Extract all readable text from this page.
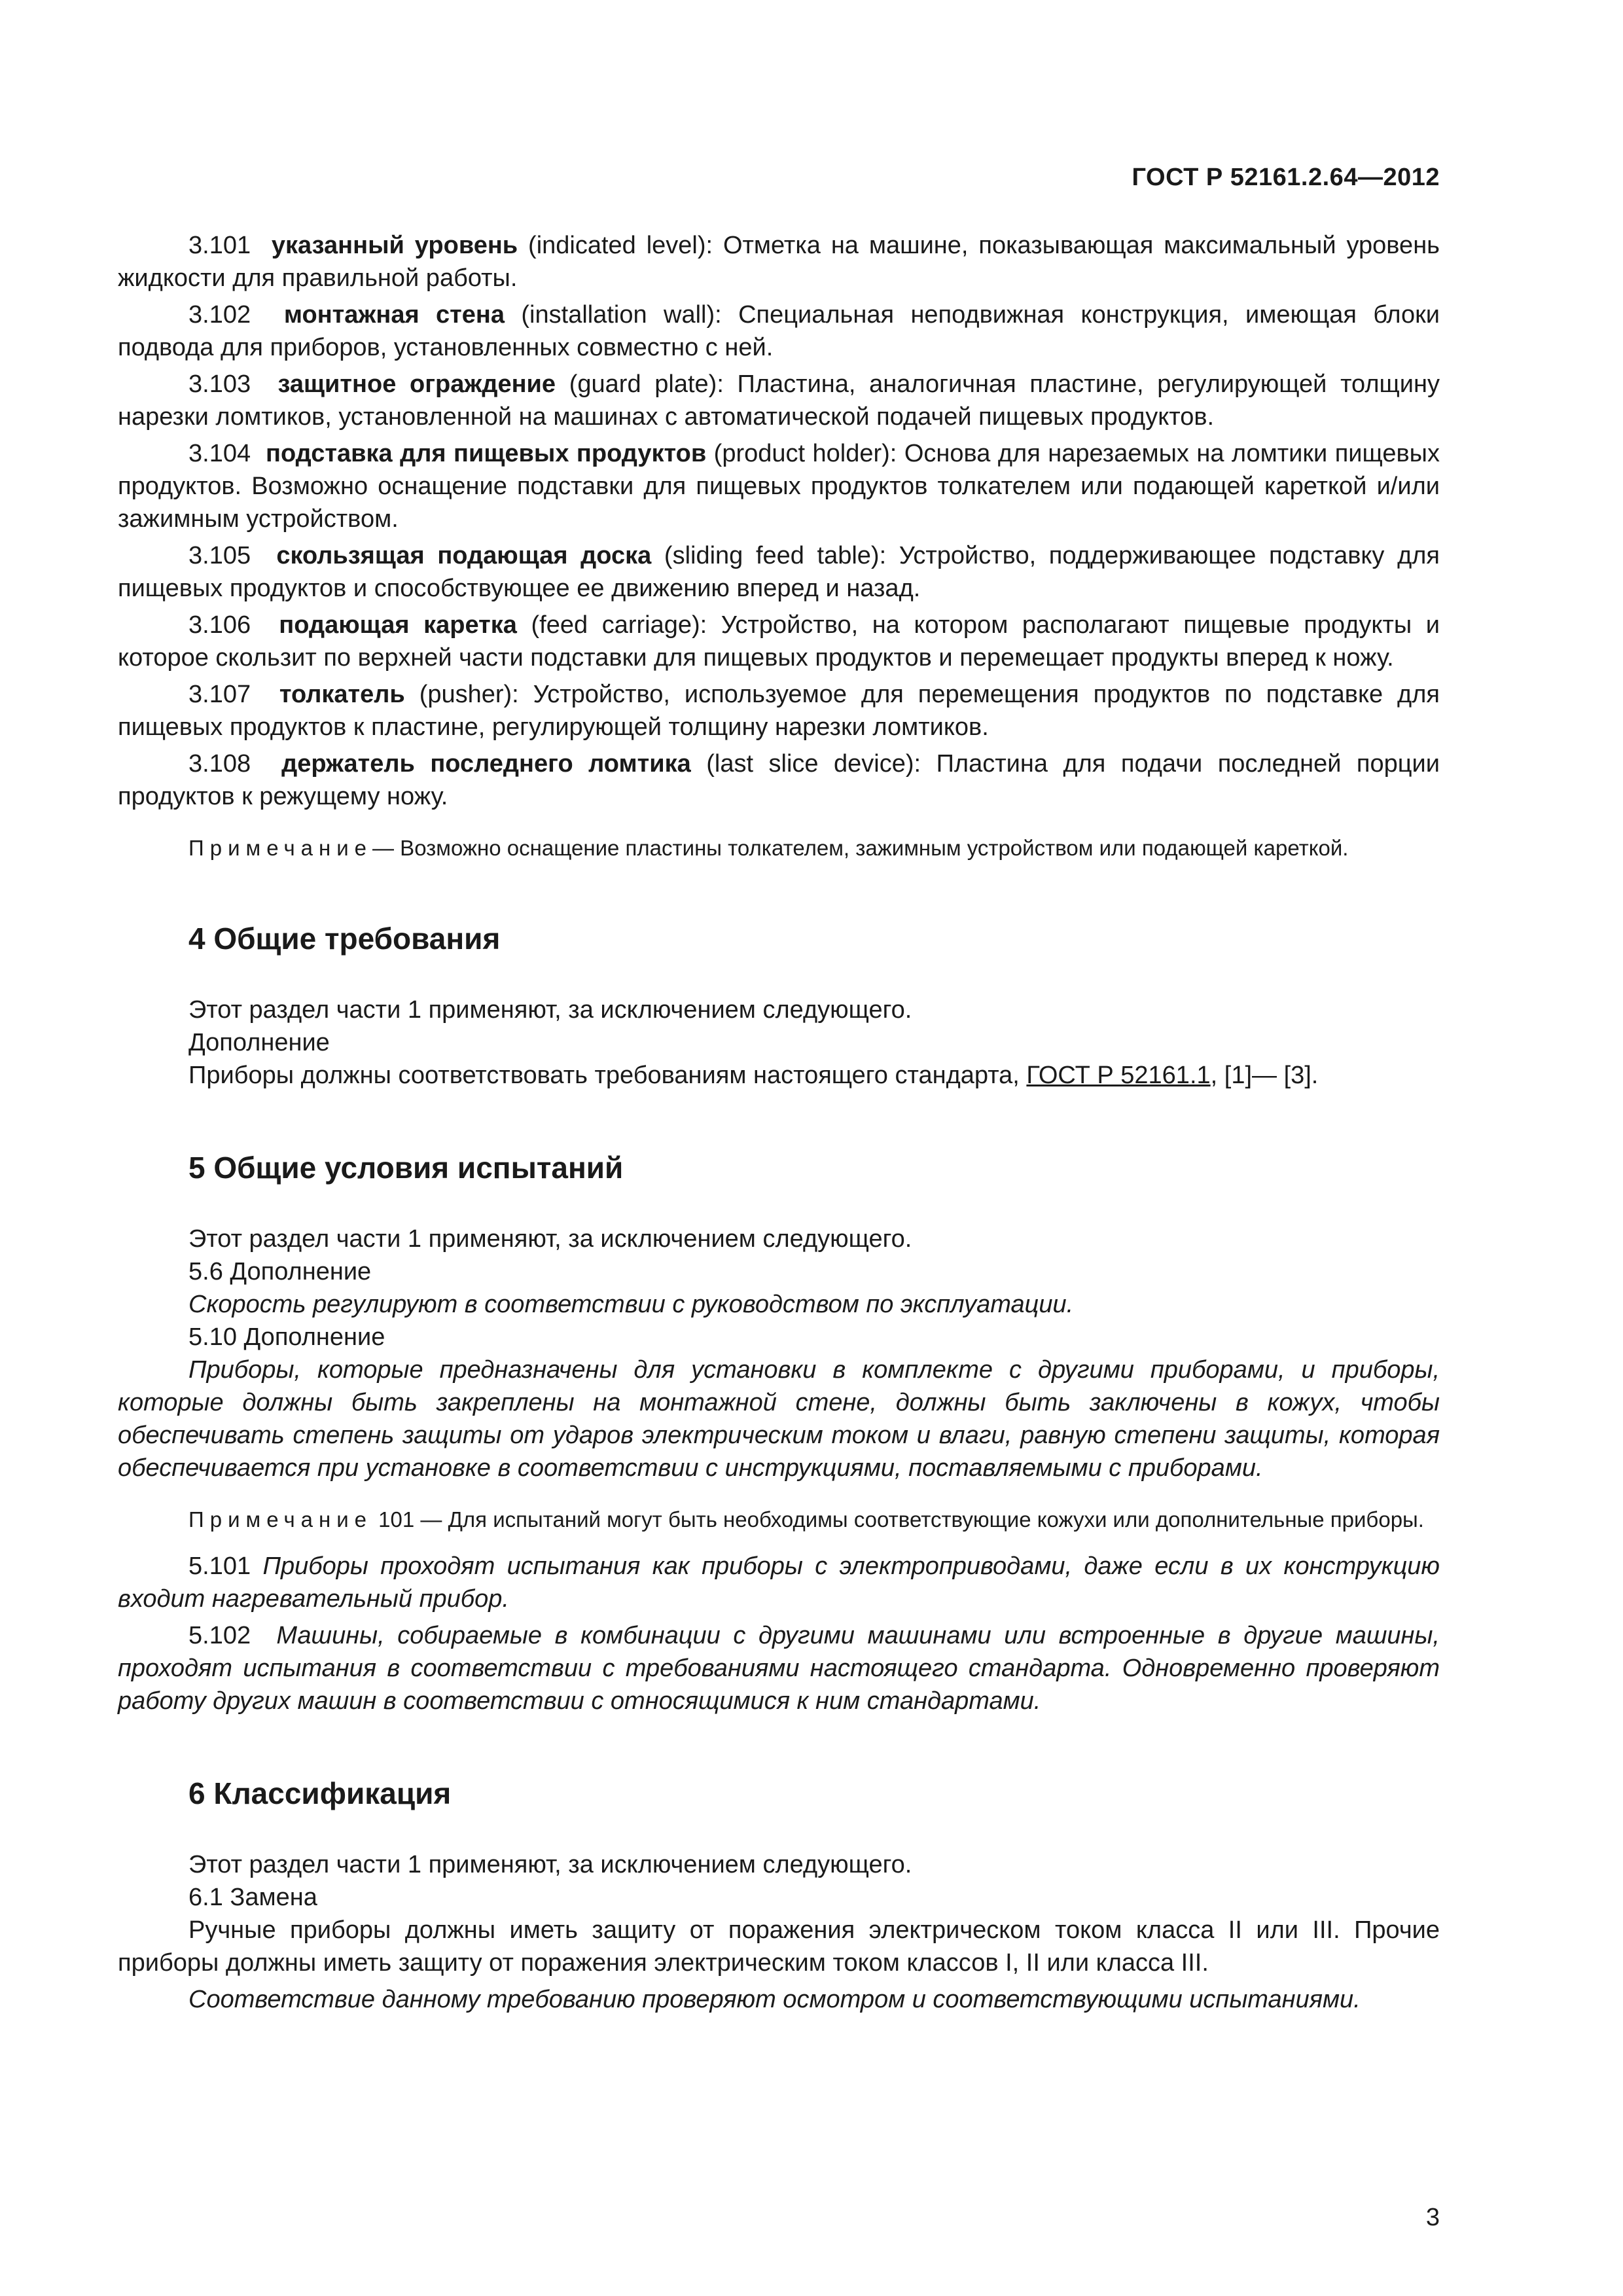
ГОСТ Р 52161.2.64—2012

3.101 указанный уровень (indicated level): Отметка на машине, показывающая максимальный уровень жидкости для правильной работы.

3.102 монтажная стена (installation wall): Специальная неподвижная конструкция, имеющая блоки подвода для приборов, установленных совместно с ней.

3.103 защитное ограждение (guard plate): Пластина, аналогичная пластине, регулирующей толщину нарезки ломтиков, установленной на машинах с автоматической подачей пищевых продуктов.

3.104 подставка для пищевых продуктов (product holder): Основа для нарезаемых на ломтики пищевых продуктов. Возможно оснащение подставки для пищевых продуктов толкателем или подающей кареткой и/или зажимным устройством.

3.105 скользящая подающая доска (sliding feed table): Устройство, поддерживающее подставку для пищевых продуктов и способствующее ее движению вперед и назад.

3.106 подающая каретка (feed carriage): Устройство, на котором располагают пищевые продукты и которое скользит по верхней части подставки для пищевых продуктов и перемещает продукты вперед к ножу.

3.107 толкатель (pusher): Устройство, используемое для перемещения продуктов по подставке для пищевых продуктов к пластине, регулирующей толщину нарезки ломтиков.

3.108 держатель последнего ломтика (last slice device): Пластина для подачи последней порции продуктов к режущему ножу.

Примечание— Возможно оснащение пластины толкателем, зажимным устройством или подающей кареткой.

4 Общие требования

Этот раздел части 1 применяют, за исключением следующего.

Дополнение

Приборы должны соответствовать требованиям настоящего стандарта, ГОСТ Р 52161.1, [1]— [3].

5 Общие условия испытаний

Этот раздел части 1 применяют, за исключением следующего.

5.6 Дополнение

Скорость регулируют в соответствии с руководством по эксплуатации.

5.10 Дополнение

Приборы, которые предназначены для установки в комплекте с другими приборами, и приборы, которые должны быть закреплены на монтажной стене, должны быть заключены в кожух, чтобы обеспечивать степень защиты от ударов электрическим током и влаги, равную степени защиты, которая обеспечивается при установке в соответствии с инструкциями, поставляемыми с приборами.

Примечание 101 — Для испытаний могут быть необходимы соответствующие кожухи или дополнительные приборы.

5.101 Приборы проходят испытания как приборы с электроприводами, даже если в их конструкцию входит нагревательный прибор.

5.102 Машины, собираемые в комбинации с другими машинами или встроенные в другие машины, проходят испытания в соответствии с требованиями настоящего стандарта. Одновременно проверяют работу других машин в соответствии с относящимися к ним стандартами.

6 Классификация

Этот раздел части 1 применяют, за исключением следующего.

6.1 Замена

Ручные приборы должны иметь защиту от поражения электрическом током класса II или III. Прочие приборы должны иметь защиту от поражения электрическим током классов I, II или класса III.

Соответствие данному требованию проверяют осмотром и соответствующими испытаниями.

3
